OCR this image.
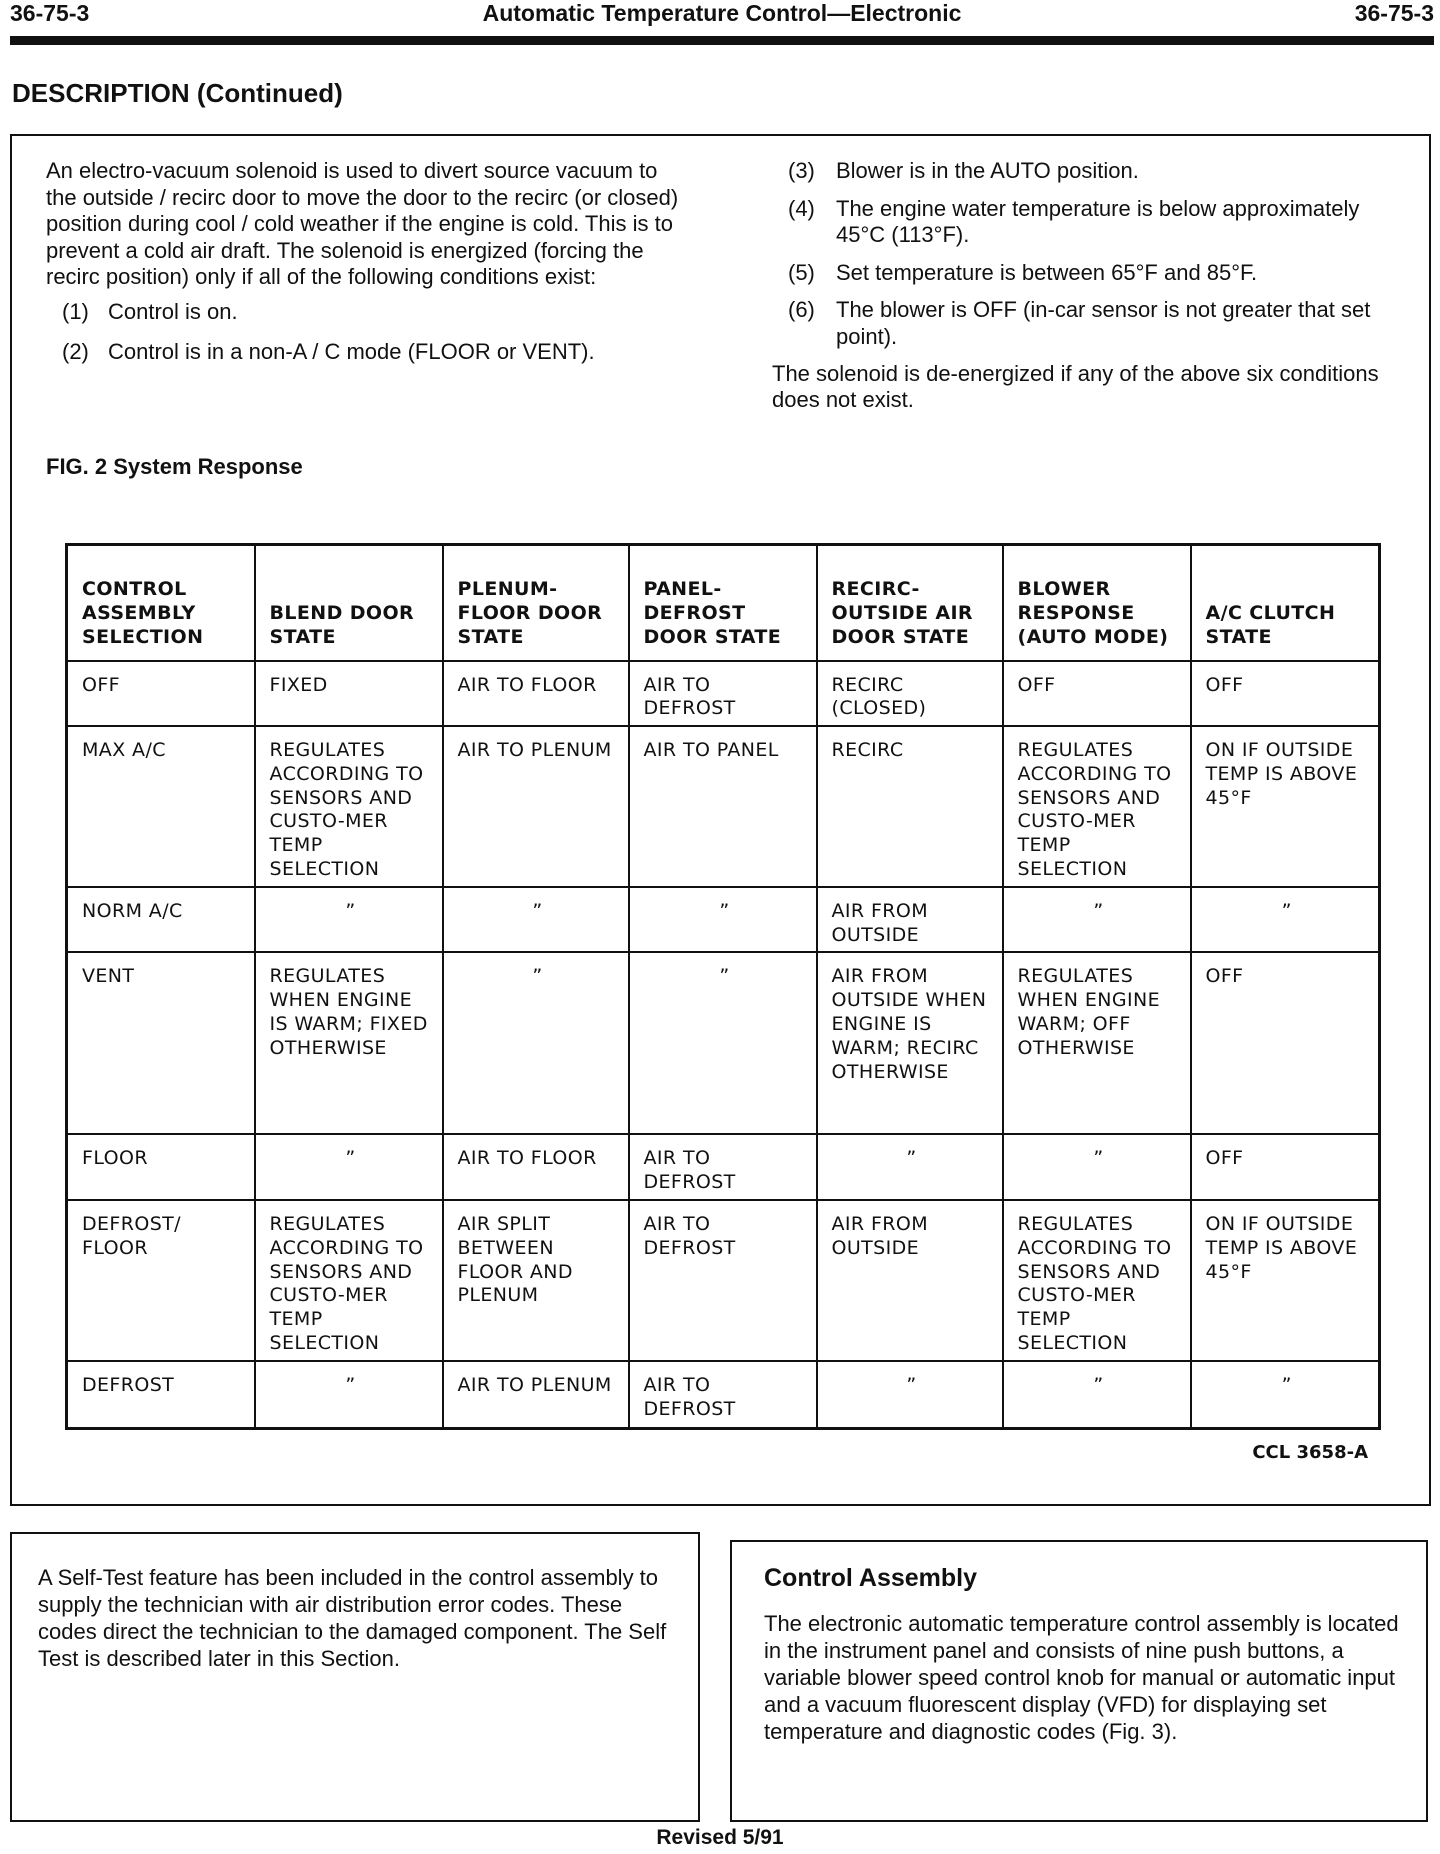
36-75-3	Automatic Temperature Control—Electronic	36-75-3
DESCRIPTION (Continued)

An electro-vacuum solenoid is used to divert source vacuum to the outside / recirc door to move the door to the recirc (or closed) position during cool / cold weather if the engine is cold. This is to prevent a cold air draft. The solenoid is energized (forcing the recirc position) only if all of the following conditions exist:

(1) Control is on.
(2) Control is in a non-A / C mode (FLOOR or VENT).
(3) Blower is in the AUTO position.
(4) The engine water temperature is below approximately 45°C (113°F).
(5) Set temperature is between 65°F and 85°F.
(6) The blower is OFF (in-car sensor is not greater that set point).

The solenoid is de-energized if any of the above six conditions does not exist.

FIG. 2 System Response
CONTROL ASSEMBLY SELECTION	BLEND DOOR STATE	PLENUM-FLOOR DOOR STATE	PANEL-DEFROST DOOR STATE	RECIRC-OUTSIDE AIR DOOR STATE	BLOWER RESPONSE (AUTO MODE)	A/C CLUTCH STATE
OFF	FIXED	AIR TO FLOOR	AIR TO DEFROST	RECIRC (CLOSED)	OFF	OFF
MAX A/C	REGULATES ACCORDING TO SENSORS AND CUSTO-MER TEMP SELECTION	AIR TO PLENUM	AIR TO PANEL	RECIRC	REGULATES ACCORDING TO SENSORS AND CUSTO-MER TEMP SELECTION	ON IF OUTSIDE TEMP IS ABOVE 45°F
NORM A/C	”	”	”	AIR FROM OUTSIDE	”	”
VENT	REGULATES WHEN ENGINE IS WARM; FIXED OTHERWISE	”	”	AIR FROM OUTSIDE WHEN ENGINE IS WARM; RECIRC OTHERWISE	REGULATES WHEN ENGINE WARM; OFF OTHERWISE	OFF
FLOOR	”	AIR TO FLOOR	AIR TO DEFROST	”	”	OFF
DEFROST/ FLOOR	REGULATES ACCORDING TO SENSORS AND CUSTO-MER TEMP SELECTION	AIR SPLIT BETWEEN FLOOR AND PLENUM	AIR TO DEFROST	AIR FROM OUTSIDE	REGULATES ACCORDING TO SENSORS AND CUSTO-MER TEMP SELECTION	ON IF OUTSIDE TEMP IS ABOVE 45°F
DEFROST	”	AIR TO PLENUM	AIR TO DEFROST	”	”	”
CCL 3658-A

A Self-Test feature has been included in the control assembly to supply the technician with air distribution error codes. These codes direct the technician to the damaged component. The Self Test is described later in this Section.

Control Assembly

The electronic automatic temperature control assembly is located in the instrument panel and consists of nine push buttons, a variable blower speed control knob for manual or automatic input and a vacuum fluorescent display (VFD) for displaying set temperature and diagnostic codes (Fig. 3).

Revised 5/91
